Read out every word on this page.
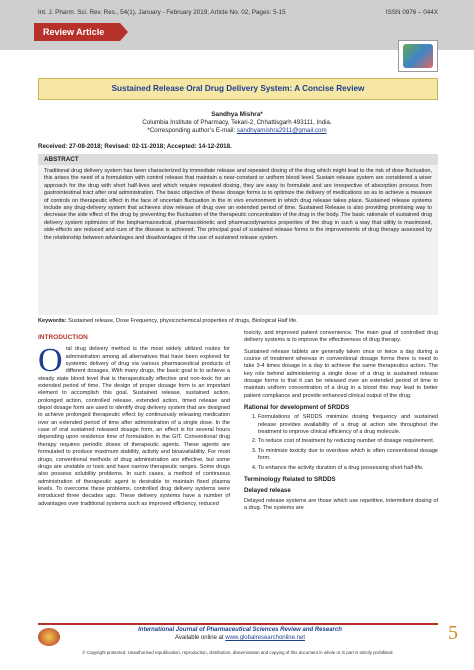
Int. J. Pharm. Sci. Rev. Res., 54(1), January - February 2019; Article No. 02, Pages: 5-15	ISSN 0976 – 044X
Review Article
Sustained Release Oral Drug Delivery System: A Concise Review
Sandhya Mishra*
Columbia Institute of Pharmacy, Tekari-2, Chhattisgarh 493111, India.
*Corresponding author’s E-mail: sandhyamishra2911@gmail.com
Received: 27-08-2018; Revised: 02-11-2018; Accepted: 14-12-2018.
ABSTRACT
Traditional drug delivery system has been characterized by immediate release and repeated dosing of the drug which might lead to the risk of dose fluctuation, this arises the need of a formulation with control release that maintain a near-constant or uniform blood level. Sustain release system are considered a wiser approach for the drug with short half-lives and which require repeated dosing, they are easy to formulate and are irrespective of absorption process from gastrointestinal tract after oral administration. The basic objective of these dosage forms is to optimize the delivery of medications so as to achieve a measure of controls on therapeutic effect in the face of uncertain fluctuation in the in vivo environment in which drug release takes place. Sustained release systems include any drug-delivery system that achieves slow release of drug over an extended period of time. Sustained Release is also providing promising way to decrease the side effect of the drug by preventing the fluctuation of the therapeutic concentration of the drug in the body. The basic rationale of sustained drug delivery system optimizes of the biopharmaceutical, pharmacokinetic and pharmacodynamics properties of the drug in such a way that utility is maximized, side-effects are reduced and cure of the disease is achieved. The principal goal of sustained release forms is the improvements of drug therapy assessed by the relationship between advantages and disadvantages of the use of sustained release system.
Keywords: Sustained release, Dose Frequency, physicochemical properties of drugs, Biological Half life.
INTRODUCTION

Oral drug delivery method is the most widely utilized routes for administration among all alternatives that have been explored for systemic delivery of drug via various pharmaceutical products of different dosages. With many drugs, the basic goal is to achieve a steady state blood level that is therapeutically effective and non-toxic for an extended period of time. The design of proper dosage form is an important element to accomplish this goal. Sustained release, sustained action, prolonged action, controlled release, extended action, timed release and depot dosage form are used to identify drug delivery system that are designed to achieve prolonged therapeutic effect by continuously releasing medication over an extended period of time after administration of a single dose. In the case of oral sustained released dosage form, an effect is for several hours depending upon residence time of formulation in the GIT. Conventional drug therapy requires periodic doses of therapeutic agents. These agents are formulated to produce maximum stability, activity and bioavailability. For most drugs, conventional methods of drug administration are effective, but some drugs are unstable or toxic and have narrow therapeutic ranges. Some drugs also possess solubility problems. In such cases, a method of continuous administration of therapeutic agent is desirable to maintain fixed plasma levels. To overcome these problems, controlled drug delivery systems were introduced three decades ago. These delivery systems have a number of advantages over traditional systems such as improved efficiency, reduced

toxicity, and improved patient convenience. The main goal of controlled drug delivery systems is to improve the effectiveness of drug therapy.

Sustained release tablets are generally taken once or twice a day during a course of treatment whereas in conventional dosage forms there is need to take 3-4 times dosage in a day to achieve the same therapeutics action. The key role behind administering a single dose of a drug is sustained release dosage forms is that it can be released over an extended period of time to maintain uniform concentration of a drug in a blood this may lead to better patient compliance and provide enhanced clinical output of the drug.

Rational for development of SRDDS
1. Formulations of SRDDS minimize dosing frequency and sustained release provides availability of a drug at action site throughout the treatment to improve clinical efficiency of a drug molecule.
2. To reduce cost of treatment by reducing number of dosage requirement.
3. To minimize toxicity due to overdose which is often conventional dosage form.
4. To enhance the activity duration of a drug possessing short half-life.
Terminology Related to SRDDS
Delayed release

Delayed release systems are those which use repetitive, intermittent dosing of a drug. The systems are

International Journal of Pharmaceutical Sciences Review and Research
Available online at www.globalresearchonline.net	5
© Copyright protected. Unauthorised republication, reproduction, distribution, dissemination and copying of this document in whole or in part is strictly prohibited.
